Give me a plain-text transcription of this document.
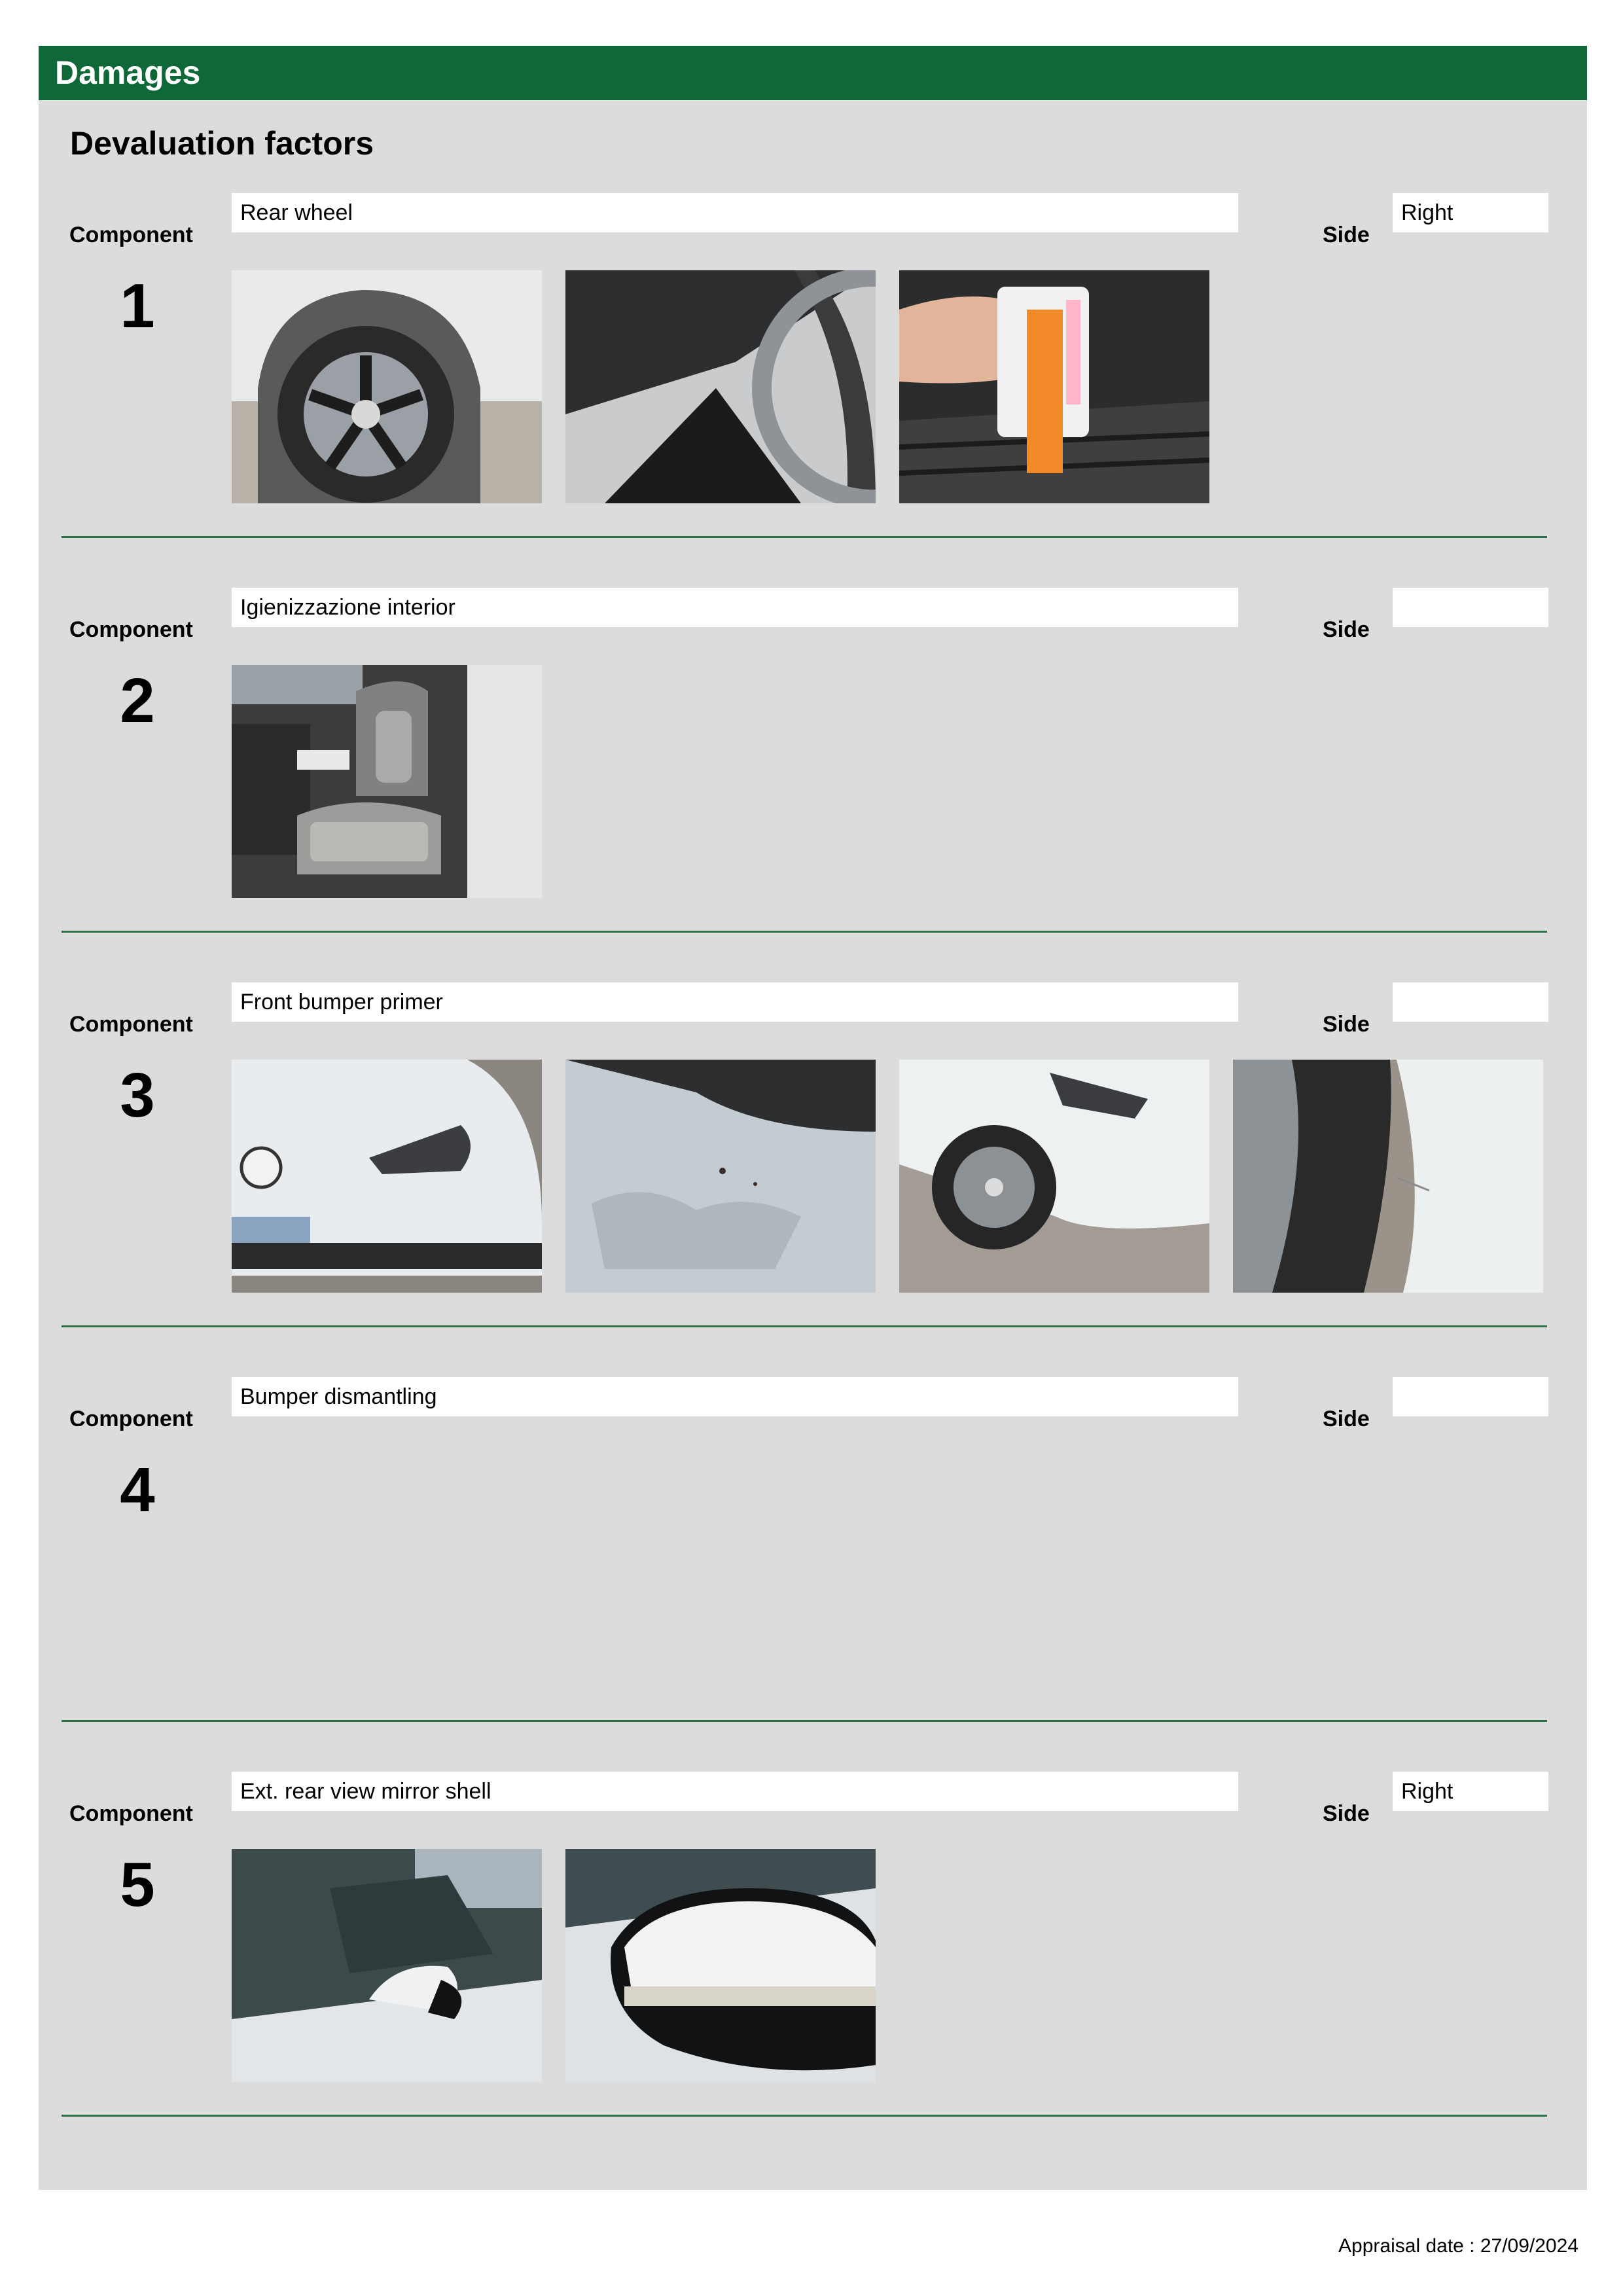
Damages
Devaluation factors
Component
Rear wheel
Side
Right
1
Component
Igienizzazione interior
Side
2
Component
Front bumper primer
Side
3
Component
Bumper dismantling
Side
4
Component
Ext. rear view mirror shell
Side
Right
5
Appraisal date : 27/09/2024
